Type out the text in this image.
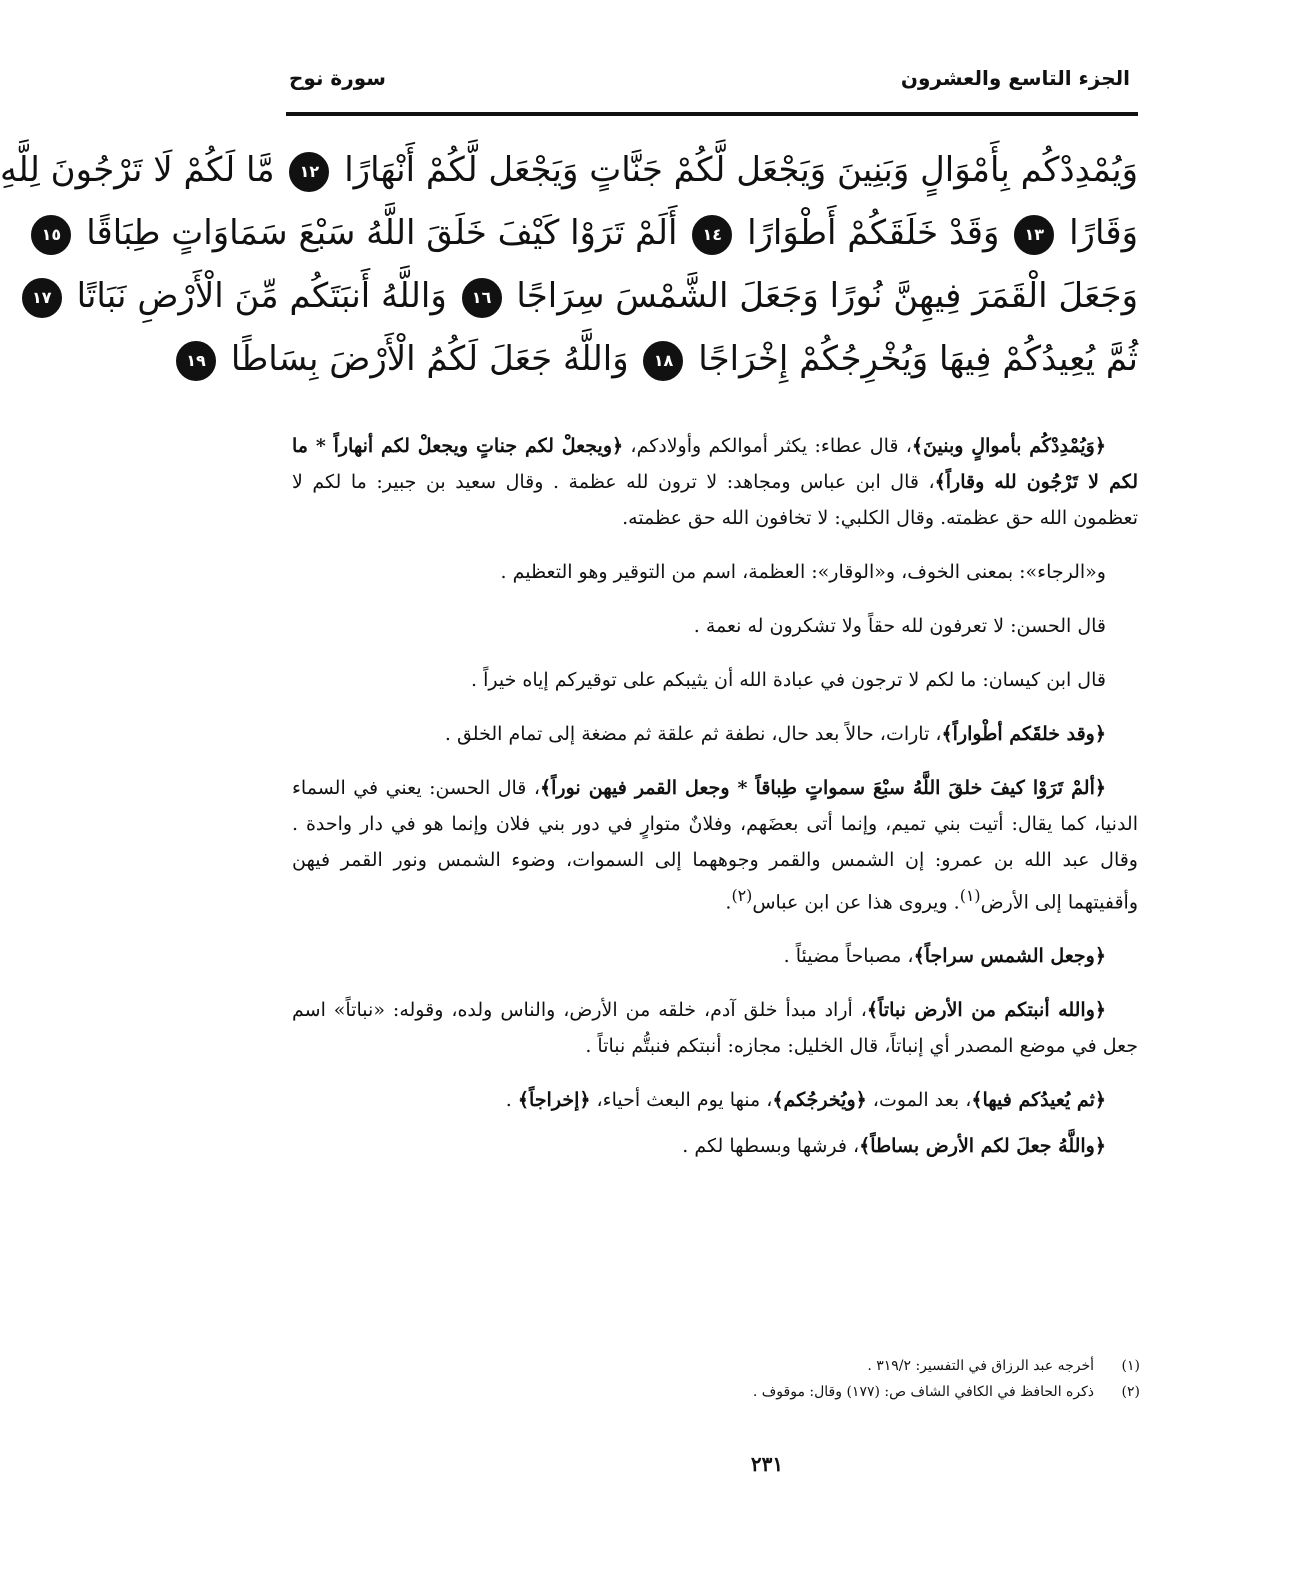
الجزء التاسع والعشرون
سورة نوح
وَيُمْدِدْكُم بِأَمْوَالٍ وَبَنِينَ وَيَجْعَل لَّكُمْ جَنَّاتٍ وَيَجْعَل لَّكُمْ أَنْهَارًا ١٢ مَّا لَكُمْ لَا تَرْجُونَ لِلَّهِ
وَقَارًا ١٣ وَقَدْ خَلَقَكُمْ أَطْوَارًا ١٤ أَلَمْ تَرَوْا كَيْفَ خَلَقَ اللَّهُ سَبْعَ سَمَاوَاتٍ طِبَاقًا ١٥
وَجَعَلَ الْقَمَرَ فِيهِنَّ نُورًا وَجَعَلَ الشَّمْسَ سِرَاجًا ١٦ وَاللَّهُ أَنبَتَكُم مِّنَ الْأَرْضِ نَبَاتًا ١٧
ثُمَّ يُعِيدُكُمْ فِيهَا وَيُخْرِجُكُمْ إِخْرَاجًا ١٨ وَاللَّهُ جَعَلَ لَكُمُ الْأَرْضَ بِسَاطًا ١٩

﴿وَيُمْدِدْكُم بأموالٍ وبنينَ﴾، قال عطاء: يكثر أموالكم وأولادكم، ﴿ويجعلْ لكم جناتٍ ويجعلْ لكم أنهاراً * ما لكم لا تَرْجُون لله وقاراً﴾، قال ابن عباس ومجاهد: لا ترون لله عظمة . وقال سعيد بن جبير: ما لكم لا تعظمون الله حق عظمته. وقال الكلبي: لا تخافون الله حق عظمته.

و«الرجاء»: بمعنى الخوف، و«الوقار»: العظمة، اسم من التوقير وهو التعظيم .

قال الحسن: لا تعرفون لله حقاً ولا تشكرون له نعمة .

قال ابن كيسان: ما لكم لا ترجون في عبادة الله أن يثيبكم على توقيركم إياه خيراً .

﴿وقد خلقَكم أطْواراً﴾، تارات، حالاً بعد حال، نطفة ثم علقة ثم مضغة إلى تمام الخلق .

﴿ألمْ تَرَوْا كيفَ خلقَ اللَّهُ سبْعَ سمواتٍ طِباقاً * وجعل القمر فيهن نوراً﴾، قال الحسن: يعني في السماء الدنيا، كما يقال: أتيت بني تميم، وإنما أتى بعضَهم، وفلانٌ متوارٍ في دور بني فلان وإنما هو في دار واحدة . وقال عبد الله بن عمرو: إن الشمس والقمر وجوههما إلى السموات، وضوء الشمس ونور القمر فيهن وأقفيتهما إلى الأرض$^{(١)}$. ويروى هذا عن ابن عباس$^{(٢)}$.

﴿وجعل الشمس سراجاً﴾، مصباحاً مضيئاً .

﴿والله أنبتكم من الأرض نباتاً﴾، أراد مبدأ خلق آدم، خلقه من الأرض، والناس ولده، وقوله: «نباتاً» اسم جعل في موضع المصدر أي إنباتاً، قال الخليل: مجازه: أنبتكم فنبتُّم نباتاً .

﴿ثم يُعيدُكم فيها﴾، بعد الموت، ﴿ويُخرجُكم﴾، منها يوم البعث أحياء، ﴿إخراجاً﴾ .

﴿واللَّهُ جعلَ لكم الأرض بساطاً﴾، فرشها وبسطها لكم .

(١)
أخرجه عبد الرزاق في التفسير: ٣١٩/٢ .
(٢)
ذكره الحافظ في الكافي الشاف ص: (١٧٧) وقال: موقوف .
٢٣١
